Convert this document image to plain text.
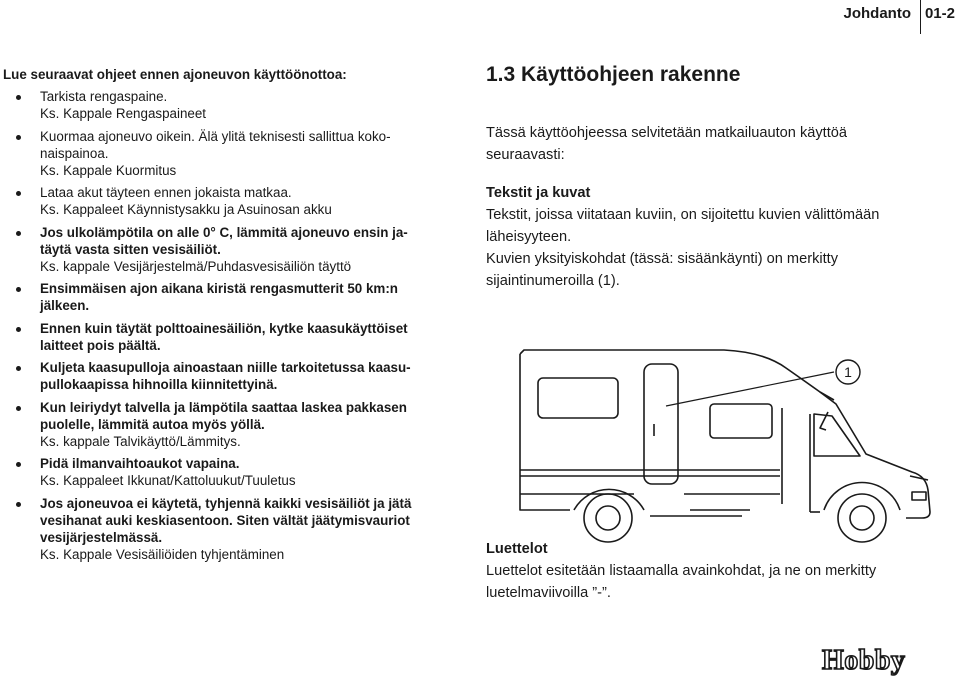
Johdanto 01-2

Lue seuraavat ohjeet ennen ajoneuvon käyttöönottoa:

Tarkista rengaspaine.
Ks. Kappale Rengaspaineet
Kuormaa ajoneuvo oikein. Älä ylitä teknisesti sallittua koko-
naispainoa.
Ks. Kappale Kuormitus
Lataa akut täyteen ennen jokaista matkaa.
Ks. Kappaleet Käynnistysakku ja Asuinosan akku
Jos ulkolämpötila on alle 0° C, lämmitä ajoneuvo ensin ja-
täytä vasta sitten vesisäiliöt.
Ks. kappale Vesijärjestelmä/Puhdasvesisäiliön täyttö
Ensimmäisen ajon aikana kiristä rengasmutterit 50 km:n
jälkeen.
Ennen kuin täytät polttoainesäiliön, kytke kaasukäyttöiset
laitteet pois päältä.
Kuljeta kaasupulloja ainoastaan niille tarkoitetussa kaasu-
pullokaapissa hihnoilla kiinnitettyinä.
Kun leiriydyt talvella ja lämpötila saattaa laskea pakkasen
puolelle, lämmitä autoa myös yöllä.
Ks. kappale Talvikäyttö/Lämmitys.
Pidä ilmanvaihtoaukot vapaina.
Ks. Kappaleet Ikkunat/Kattoluukut/Tuuletus
Jos ajoneuvoa ei käytetä, tyhjennä kaikki vesisäiliöt ja jätä
vesihanat auki keskiasentoon. Siten vältät jäätymisvauriot
vesijärjestelmässä.
Ks. Kappale Vesisäiliöiden tyhjentäminen
1.3 Käyttöohjeen rakenne

Tässä käyttöohjeessa selvitetään matkailuauton käyttöä

seuraavasti:

Tekstit ja kuvat

Tekstit, joissa viitataan kuviin, on sijoitettu kuvien välittömään

läheisyyteen.

Kuvien yksityiskohdat (tässä: sisäänkäynti) on merkitty

sijaintinumeroilla (1).

1

Luettelot

Luettelot esitetään listaamalla avainkohdat, ja ne on merkitty

luetelmaviivoilla ”-”.

Hobby
